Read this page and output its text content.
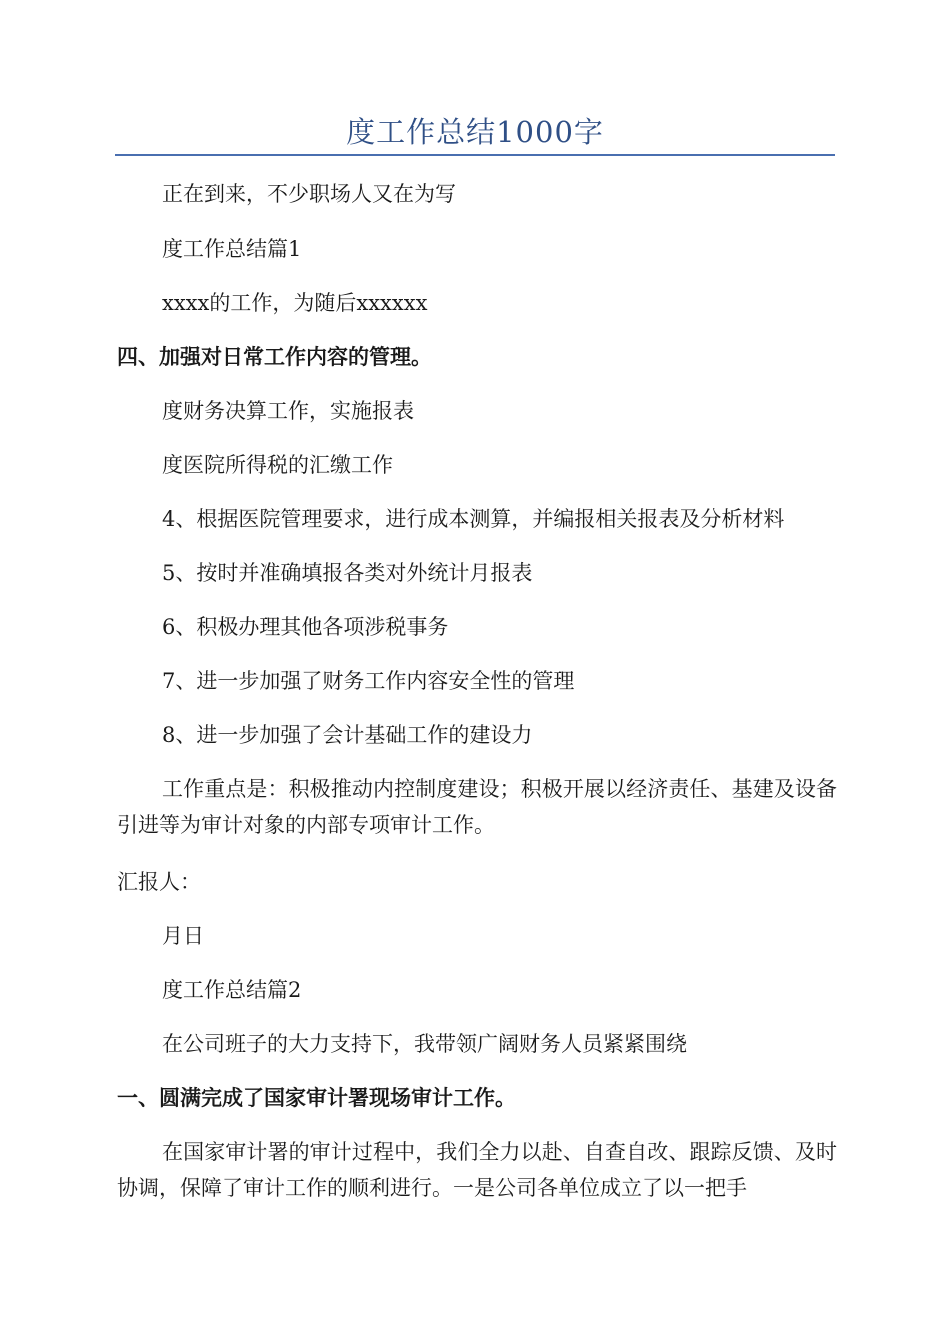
度工作总结1000字
正在到来，不少职场人又在为写
度工作总结篇1
xxxx的工作，为随后xxxxxx
四、加强对日常工作内容的管理。
度财务决算工作，实施报表
度医院所得税的汇缴工作
4、根据医院管理要求，进行成本测算，并编报相关报表及分析材料
5、按时并准确填报各类对外统计月报表
6、积极办理其他各项涉税事务
7、进一步加强了财务工作内容安全性的管理
8、进一步加强了会计基础工作的建设力
工作重点是：积极推动内控制度建设；积极开展以经济责任、基建及设备引进等为审计对象的内部专项审计工作。
汇报人：
月日
度工作总结篇2
在公司班子的大力支持下，我带领广阔财务人员紧紧围绕
一、圆满完成了国家审计署现场审计工作。
在国家审计署的审计过程中，我们全力以赴、自查自改、跟踪反馈、及时协调，保障了审计工作的顺利进行。一是公司各单位成立了以一把手
